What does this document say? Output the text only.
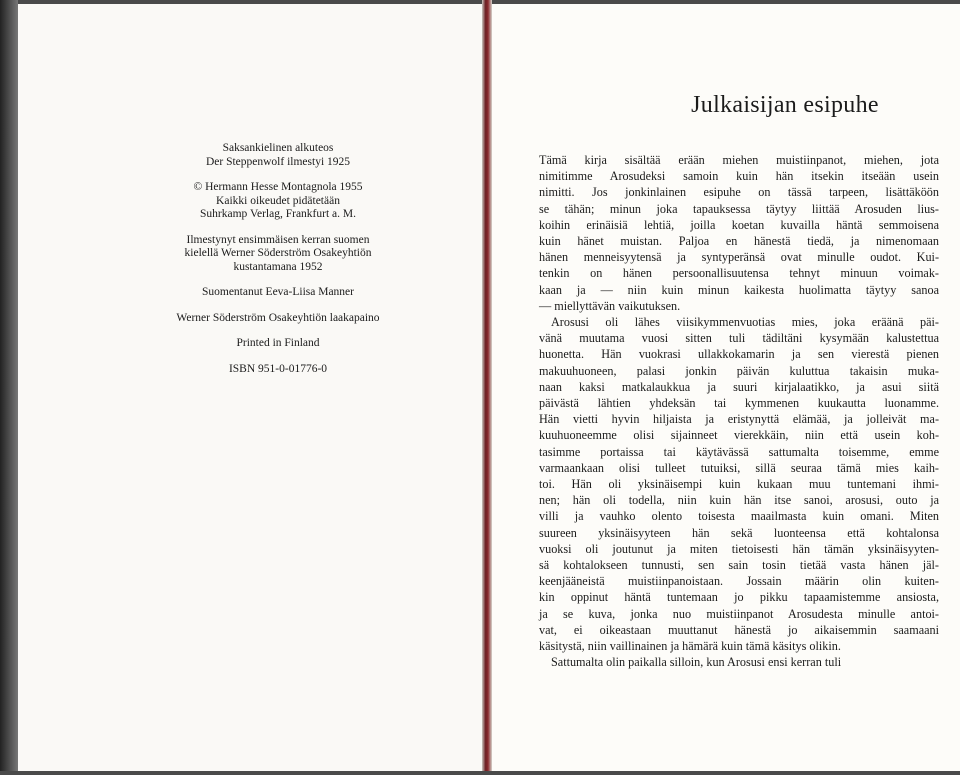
Saksankielinen alkuteos
Der Steppenwolf ilmestyi 1925
© Hermann Hesse Montagnola 1955
Kaikki oikeudet pidätetään
Suhrkamp Verlag, Frankfurt a. M.
Ilmestynyt ensimmäisen kerran suomen
kielellä Werner Söderström Osakeyhtiön
kustantamana 1952
Suomentanut Eeva-Liisa Manner
Werner Söderström Osakeyhtiön laakapaino
Printed in Finland
ISBN 951-0-01776-0
Julkaisijan esipuhe
Tämä kirja sisältää erään miehen muistiinpanot, miehen, jota
nimitimme Arosudeksi samoin kuin hän itsekin itseään usein
nimitti. Jos jonkinlainen esipuhe on tässä tarpeen, lisättäköön
se tähän; minun joka tapauksessa täytyy liittää Arosuden lius-
koihin erinäisiä lehtiä, joilla koetan kuvailla häntä semmoisena
kuin hänet muistan. Paljoa en hänestä tiedä, ja nimenomaan
hänen menneisyytensä ja syntyperänsä ovat minulle oudot. Kui-
tenkin on hänen persoonallisuutensa tehnyt minuun voimak-
kaan ja — niin kuin minun kaikesta huolimatta täytyy sanoa
— miellyttävän vaikutuksen.
Arosusi oli lähes viisikymmenvuotias mies, joka eräänä päi-
vänä muutama vuosi sitten tuli tädiltäni kysymään kalustettua
huonetta. Hän vuokrasi ullakkokamarin ja sen vierestä pienen
makuuhuoneen, palasi jonkin päivän kuluttua takaisin muka-
naan kaksi matkalaukkua ja suuri kirjalaatikko, ja asui siitä
päivästä lähtien yhdeksän tai kymmenen kuukautta luonamme.
Hän vietti hyvin hiljaista ja eristynyttä elämää, ja jolleivät ma-
kuuhuoneemme olisi sijainneet vierekkäin, niin että usein koh-
tasimme portaissa tai käytävässä sattumalta toisemme, emme
varmaankaan olisi tulleet tutuiksi, sillä seuraa tämä mies kaih-
toi. Hän oli yksinäisempi kuin kukaan muu tuntemani ihmi-
nen; hän oli todella, niin kuin hän itse sanoi, arosusi, outo ja
villi ja vauhko olento toisesta maailmasta kuin omani. Miten
suureen yksinäisyyteen hän sekä luonteensa että kohtalonsa
vuoksi oli joutunut ja miten tietoisesti hän tämän yksinäisyyten-
sä kohtalokseen tunnusti, sen sain tosin tietää vasta hänen jäl-
keenjääneistä muistiinpanoistaan. Jossain määrin olin kuiten-
kin oppinut häntä tuntemaan jo pikku tapaamistemme ansiosta,
ja se kuva, jonka nuo muistiinpanot Arosudesta minulle antoi-
vat, ei oikeastaan muuttanut hänestä jo aikaisemmin saamaani
käsitystä, niin vaillinainen ja hämärä kuin tämä käsitys olikin.
Sattumalta olin paikalla silloin, kun Arosusi ensi kerran tuli
